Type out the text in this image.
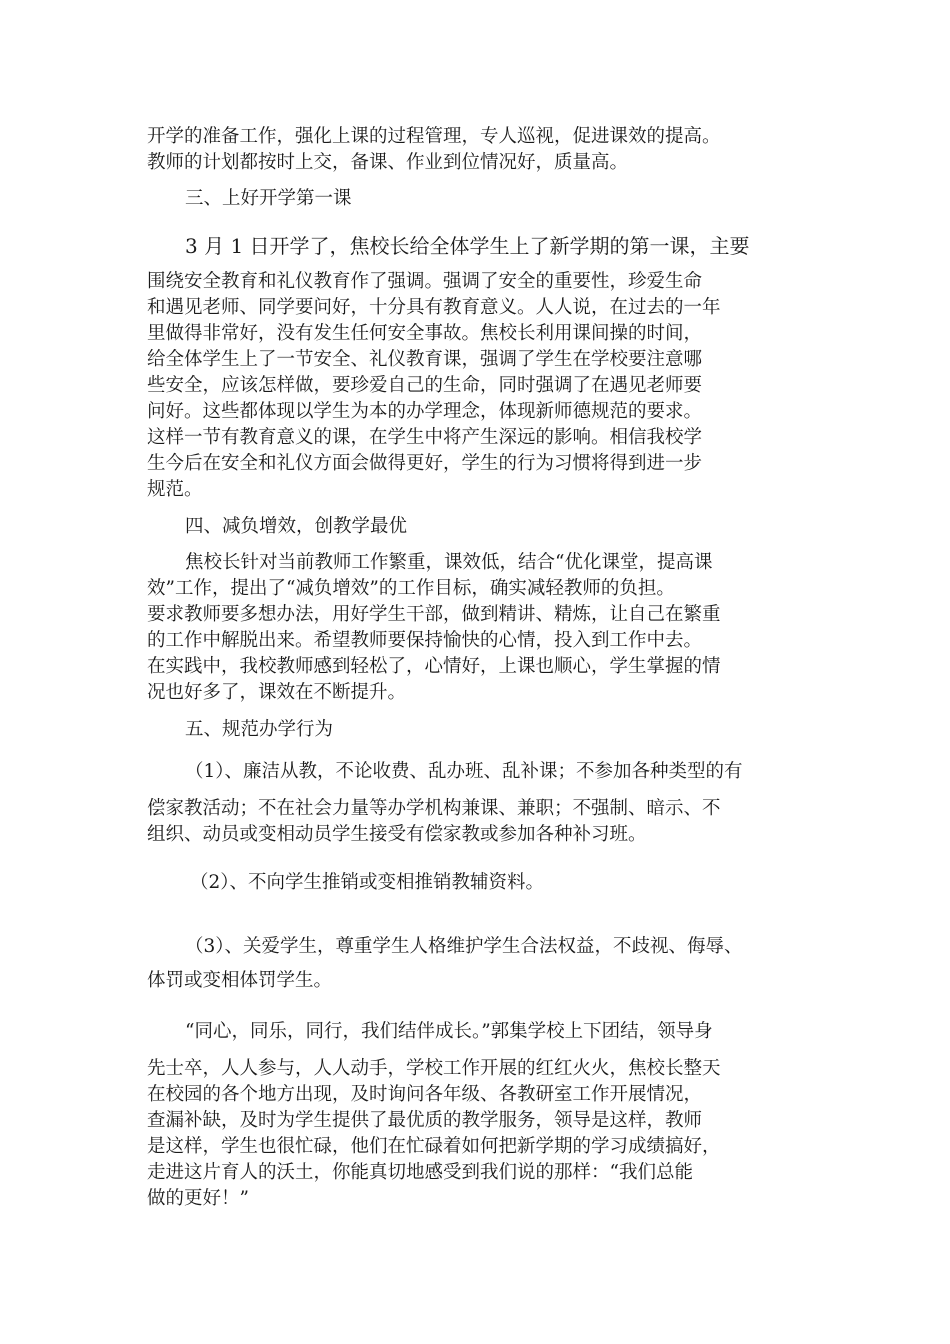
开学的准备工作，强化上课的过程管理，专人巡视，促进课效的提高。
教师的计划都按时上交，备课、作业到位情况好，质量高。
三、上好开学第一课
3 月 1 日开学了，焦校长给全体学生上了新学期的第一课，主要
围绕安全教育和礼仪教育作了强调。强调了安全的重要性，珍爱生命
和遇见老师、同学要问好，十分具有教育意义。人人说，在过去的一年
里做得非常好，没有发生任何安全事故。焦校长利用课间操的时间，
给全体学生上了一节安全、礼仪教育课，强调了学生在学校要注意哪
些安全，应该怎样做，要珍爱自己的生命，同时强调了在遇见老师要
问好。这些都体现以学生为本的办学理念，体现新师德规范的要求。
这样一节有教育意义的课，在学生中将产生深远的影响。相信我校学
生今后在安全和礼仪方面会做得更好，学生的行为习惯将得到进一步
规范。
四、减负增效，创教学最优
焦校长针对当前教师工作繁重，课效低，结合“优化课堂，提高课
效”工作，提出了“减负增效”的工作目标，确实减轻教师的负担。
要求教师要多想办法，用好学生干部，做到精讲、精炼，让自己在繁重
的工作中解脱出来。希望教师要保持愉快的心情，投入到工作中去。
在实践中，我校教师感到轻松了，心情好，上课也顺心，学生掌握的情
况也好多了，课效在不断提升。
五、规范办学行为
（1）、廉洁从教，不论收费、乱办班、乱补课；不参加各种类型的有
偿家教活动；不在社会力量等办学机构兼课、兼职；不强制、暗示、不
组织、动员或变相动员学生接受有偿家教或参加各种补习班。
（2）、不向学生推销或变相推销教辅资料。
（3）、关爱学生，尊重学生人格维护学生合法权益，不歧视、侮辱、
体罚或变相体罚学生。
“同心，同乐，同行，我们结伴成长。”郭集学校上下团结，领导身
先士卒，人人参与，人人动手，学校工作开展的红红火火，焦校长整天
在校园的各个地方出现，及时询问各年级、各教研室工作开展情况，
查漏补缺，及时为学生提供了最优质的教学服务，领导是这样，教师
是这样，学生也很忙碌，他们在忙碌着如何把新学期的学习成绩搞好，
走进这片育人的沃土，你能真切地感受到我们说的那样：“我们总能
做的更好！”
